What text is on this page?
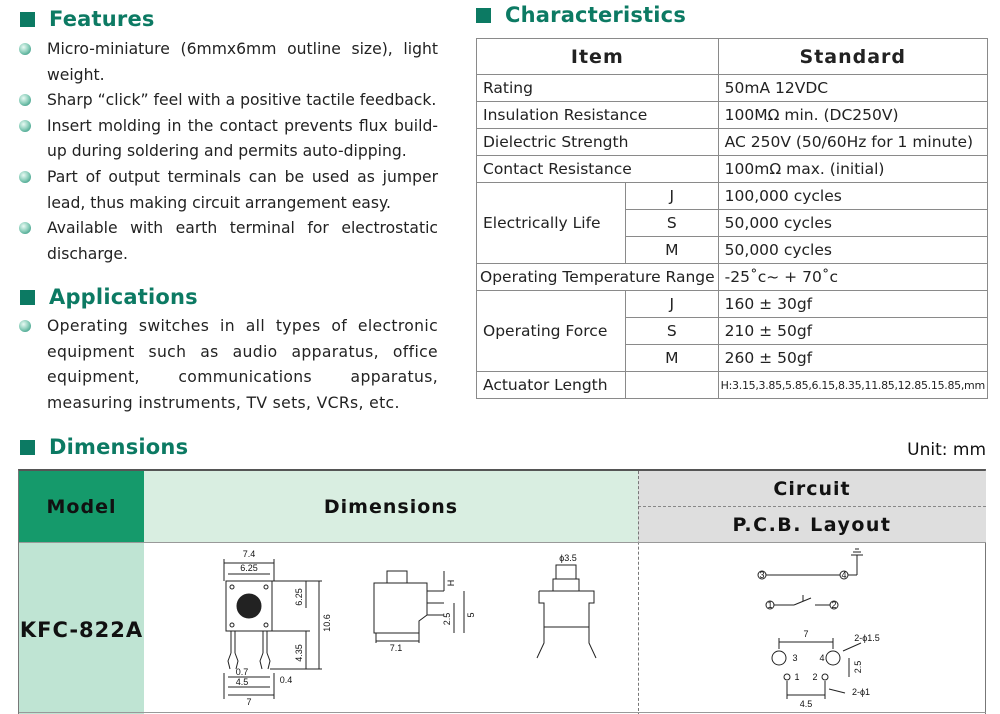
Features
Micro-miniature (6mmx6mm outline size), light weight.
Sharp “click” feel with a positive tactile feedback.
Insert molding in the contact prevents flux build-up during soldering and permits auto-dipping.
Part of output terminals can be used as jumper lead, thus making circuit arrangement easy.
Available with earth terminal for electrostatic discharge.
Applications
Operating switches in all types of electronic equipment such as audio apparatus, office equipment, communications apparatus, measuring instruments, TV sets, VCRs, etc.
Characteristics
Item		Standard
Rating		50mA 12VDC
Insulation Resistance		100MΩ min. (DC250V)
Dielectric Strength		AC 250V (50/60Hz for 1 minute)
Contact Resistance		100mΩ max. (initial)
Electrically Life	J	100,000 cycles
	S	50,000 cycles
	M	50,000 cycles
Operating Temperature Range		-25˚c~ + 70˚c
Operating Force	J	160 ± 30gf
	S	210 ± 50gf
	M	260 ± 50gf
Actuator Length		H:3.15,3.85,5.85,6.15,8.35,11.85,12.85.15.85,mm
Dimensions	Unit: mm
Model	Dimensions
Circuit
P.C.B. Layout
KFC-822A
7.4
6.25
6.25
10.6
4.35
0.7
0.4
4.5
7
7.1
H
2.5 5
ϕ3.5
3	4
1	2
7	2-ϕ1.5
3 4
2.5
1 2
4.5
2-ϕ1
